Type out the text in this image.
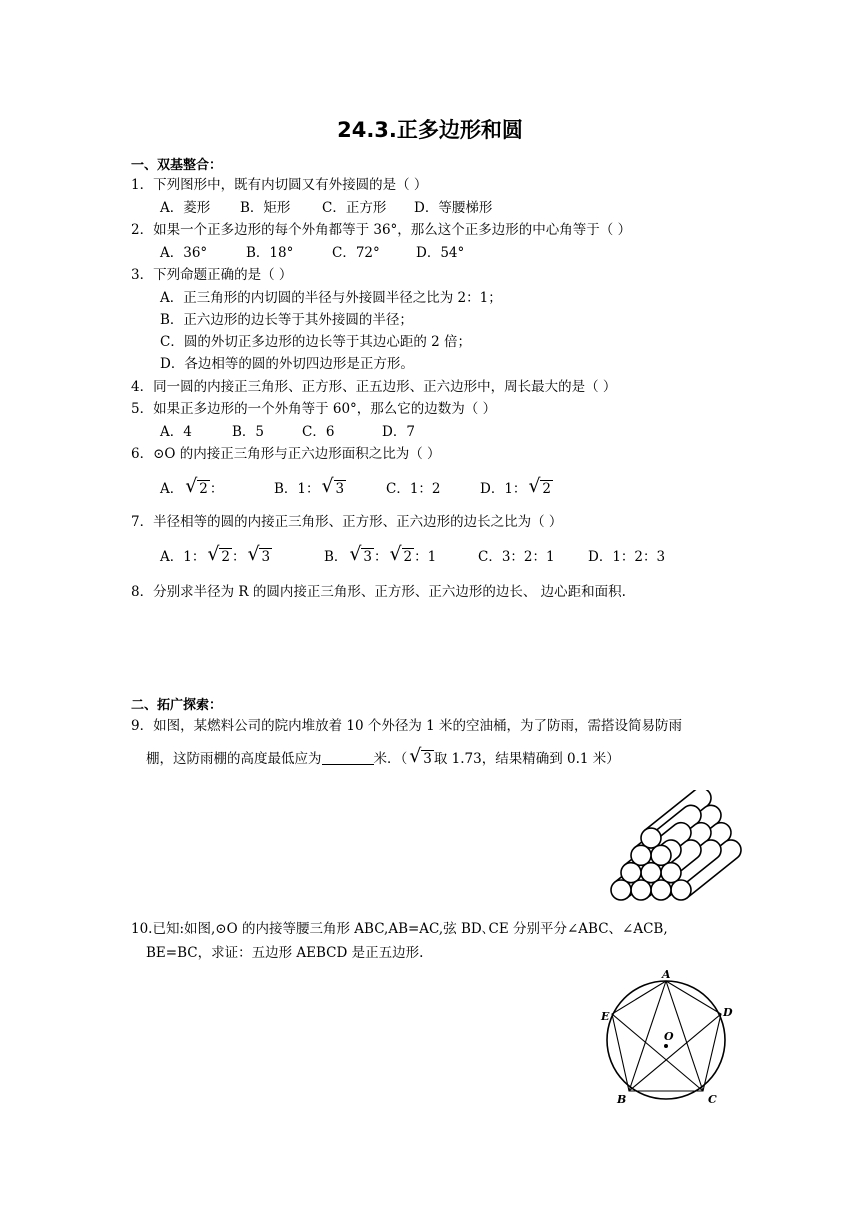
24.3.正多边形和圆
一、双基整合：
1．下列图形中，既有内切圆又有外接圆的是（ ）
A．菱形 B．矩形 C．正方形 D．等腰梯形
2．如果一个正多边形的每个外角都等于 36°，那么这个正多边形的中心角等于（ ）
A．36°	B．18°	C．72°	D．54°
3．下列命题正确的是（ ）
A．正三角形的内切圆的半径与外接圆半径之比为 2：1；
B．正六边形的边长等于其外接圆的半径；
C．圆的外切正多边形的边长等于其边心距的 2 倍；
D．各边相等的圆的外切四边形是正方形。
4．同一圆的内接正三角形、正方形、正五边形、正六边形中，周长最大的是（ ）
5．如果正多边形的一个外角等于 60°，那么它的边数为（ ）
A．4	B．5	C．6	D．7
6．⊙O 的内接正三角形与正六边形面积之比为（ ）
A． √ 2 ：	B．1： √ 3	C．1：2	D．1： √ 2
7．半径相等的圆的内接正三角形、正方形、正六边形的边长之比为（ ）
A．1： √ 2 ： √ 3	B． √ 3 ： √ 2 ：1	C．3：2：1 D．1：2：3
8．分别求半径为 R 的圆内接正三角形、正方形、正六边形的边长、 边心距和面积.
二、拓广探索：
9．如图，某燃料公司的院内堆放着 10 个外径为 1 米的空油桶，为了防雨，需搭设简易防雨
棚，这防雨棚的高度最低应为	米．（ √ 3 取 1.73，结果精确到 0.1 米）
10.已知:如图,⊙O 的内接等腰三角形 ABC,AB=AC,弦 BD､CE 分别平分∠ABC、∠ACB,
BE=BC，求证：五边形 AEBCD 是正五边形.
A
E	D
O
B	C
